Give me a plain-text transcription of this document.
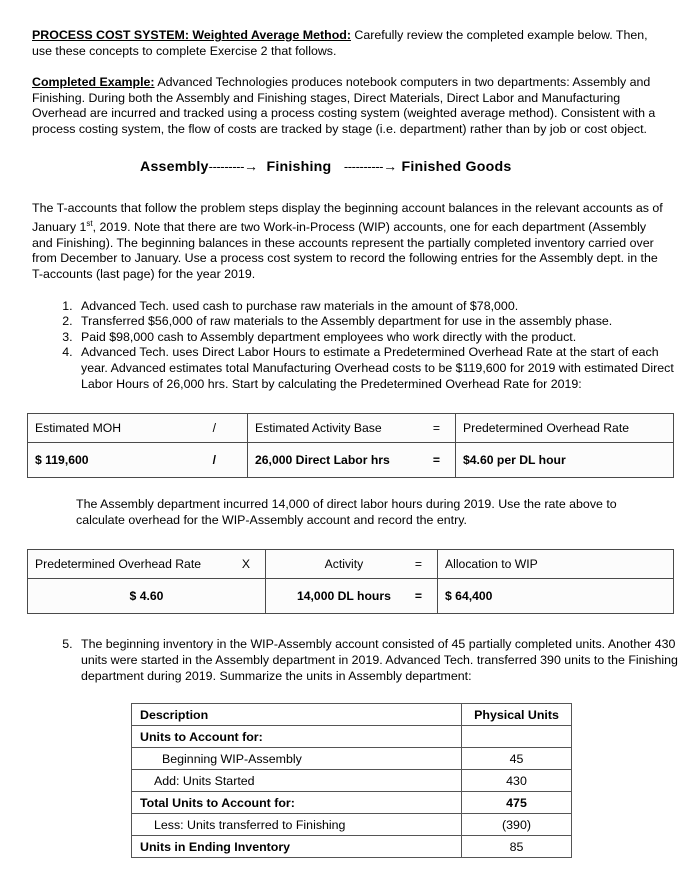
PROCESS COST SYSTEM: Weighted Average Method: Carefully review the completed example below. Then, use these concepts to complete Exercise 2 that follows.

Completed Example: Advanced Technologies produces notebook computers in two departments: Assembly and Finishing. During both the Assembly and Finishing stages, Direct Materials, Direct Labor and Manufacturing Overhead are incurred and tracked using a process costing system (weighted average method). Consistent with a process costing system, the flow of costs are tracked by stage (i.e. department) rather than by job or cost object.

Assembly---------→ Finishing ----------→ Finished Goods

The T-accounts that follow the problem steps display the beginning account balances in the relevant accounts as of January 1st, 2019. Note that there are two Work-in-Process (WIP) accounts, one for each department (Assembly and Finishing). The beginning balances in these accounts represent the partially completed inventory carried over from December to January. Use a process cost system to record the following entries for the Assembly dept. in the T-accounts (last page) for the year 2019.

1. Advanced Tech. used cash to purchase raw materials in the amount of $78,000.
2. Transferred $56,000 of raw materials to the Assembly department for use in the assembly phase.
3. Paid $98,000 cash to Assembly department employees who work directly with the product.
4. Advanced Tech. uses Direct Labor Hours to estimate a Predetermined Overhead Rate at the start of each year. Advanced estimates total Manufacturing Overhead costs to be $119,600 for 2019 with estimated Direct Labor Hours of 26,000 hrs. Start by calculating the Predetermined Overhead Rate for 2019:
Estimated MOH /	Estimated Activity Base =	Predetermined Overhead Rate

$ 119,600 /	26,000 Direct Labor hrs =	$4.60 per DL hour

The Assembly department incurred 14,000 of direct labor hours during 2019. Use the rate above to calculate overhead for the WIP-Assembly account and record the entry.

Predetermined Overhead Rate X	Activity =	Allocation to WIP
$ 4.60	14,000 DL hours =	$ 64,400
5. The beginning inventory in the WIP-Assembly account consisted of 45 partially completed units. Another 430 units were started in the Assembly department in 2019. Advanced Tech. transferred 390 units to the Finishing department during 2019. Summarize the units in Assembly department:
Description	Physical Units
Units to Account for:	
Beginning WIP-Assembly	45
Add: Units Started	430
Total Units to Account for:	475
Less: Units transferred to Finishing	(390)
Units in Ending Inventory	85
